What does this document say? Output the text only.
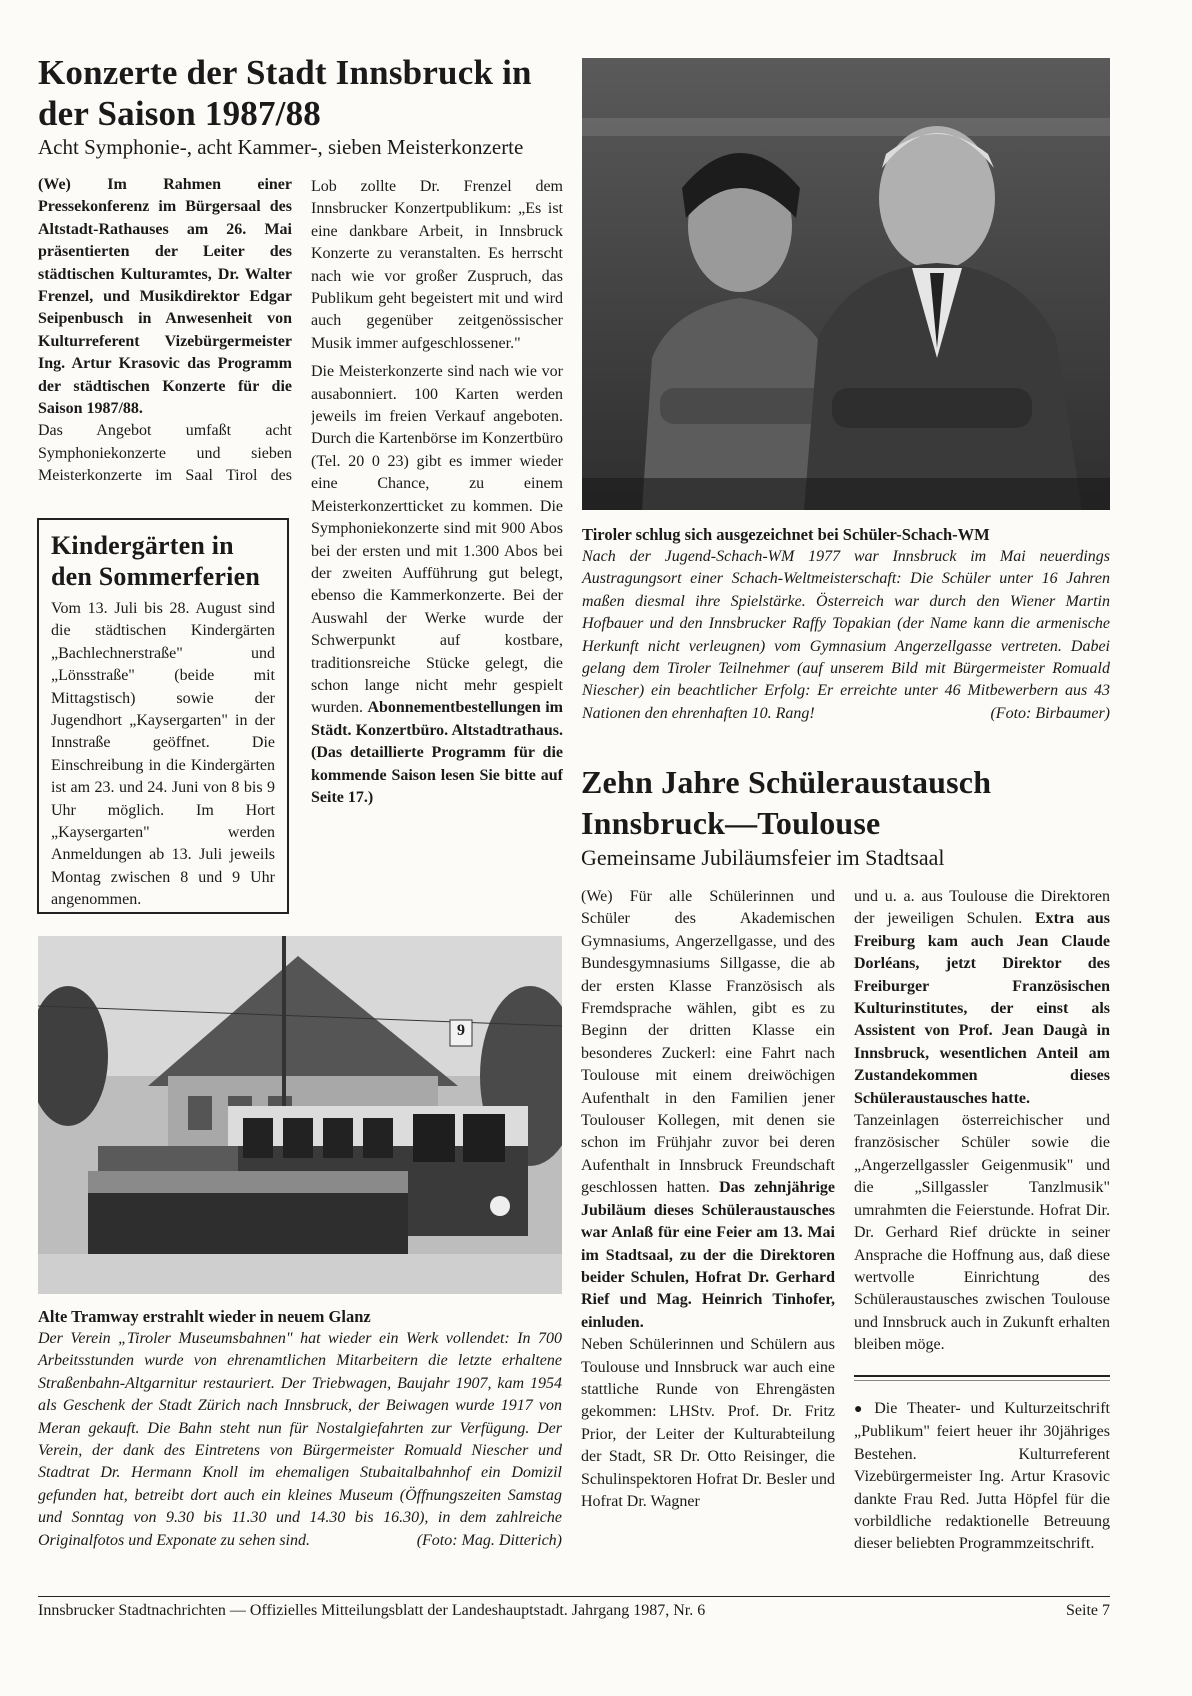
Konzerte der Stadt Innsbruck in der Saison 1987/88

Acht Symphonie-, acht Kammer-, sieben Meisterkonzerte

(We) Im Rahmen einer Pressekonferenz im Bürgersaal des Altstadt-Rathauses am 26. Mai präsentierten der Leiter des städtischen Kulturamtes, Dr. Walter Frenzel, und Musikdirektor Edgar Seipenbusch in Anwesenheit von Kulturreferent Vizebürgermeister Ing. Artur Krasovic das Programm der städtischen Konzerte für die Saison 1987/88.

Das Angebot umfaßt acht Symphoniekonzerte und sieben Meisterkonzerte im Saal Tirol des

Lob zollte Dr. Frenzel dem Innsbrucker Konzertpublikum: „Es ist eine dankbare Arbeit, in Innsbruck Konzerte zu veranstalten. Es herrscht nach wie vor großer Zuspruch, das Publikum geht begeistert mit und wird auch gegenüber zeitgenössischer Musik immer aufgeschlossener."

Die Meisterkonzerte sind nach wie vor ausabonniert. 100 Karten werden jeweils im freien Verkauf angeboten. Durch die Kartenbörse im Konzertbüro (Tel. 20 0 23) gibt es immer wieder eine Chance, zu einem Meisterkonzertticket zu kommen. Die Symphoniekonzerte sind mit 900 Abos bei der ersten und mit 1.300 Abos bei der zweiten Aufführung gut belegt, ebenso die Kammerkonzerte. Bei der Auswahl der Werke wurde der Schwerpunkt auf kostbare, traditionsreiche Stücke gelegt, die schon lange nicht mehr gespielt wurden. Abonnementbestellungen im Städt. Konzertbüro. Altstadtrathaus. (Das detaillierte Programm für die kommende Saison lesen Sie bitte auf Seite 17.)

Kindergärten in den Sommerferien

Vom 13. Juli bis 28. August sind die städtischen Kindergärten „Bachlechnerstraße" und „Lönsstraße" (beide mit Mittagstisch) sowie der Jugendhort „Kaysergarten" in der Innstraße geöffnet. Die Einschreibung in die Kindergärten ist am 23. und 24. Juni von 8 bis 9 Uhr möglich. Im Hort „Kaysergarten" werden Anmeldungen ab 13. Juli jeweils Montag zwischen 8 und 9 Uhr angenommen.

Tiroler schlug sich ausgezeichnet bei Schüler-Schach-WM

Nach der Jugend-Schach-WM 1977 war Innsbruck im Mai neuerdings Austragungsort einer Schach-Weltmeisterschaft: Die Schüler unter 16 Jahren maßen diesmal ihre Spielstärke. Österreich war durch den Wiener Martin Hofbauer und den Innsbrucker Raffy Topakian (der Name kann die armenische Herkunft nicht verleugnen) vom Gymnasium Angerzellgasse vertreten. Dabei gelang dem Tiroler Teilnehmer (auf unserem Bild mit Bürgermeister Romuald Niescher) ein beachtlicher Erfolg: Er erreichte unter 46 Mitbewerbern aus 43 Nationen den ehrenhaften 10. Rang!	(Foto: Birbaumer)

Zehn Jahre Schüleraustausch Innsbruck—Toulouse

Gemeinsame Jubiläumsfeier im Stadtsaal

(We) Für alle Schülerinnen und Schüler des Akademischen Gymnasiums, Angerzellgasse, und des Bundesgymnasiums Sillgasse, die ab der ersten Klasse Französisch als Fremdsprache wählen, gibt es zu Beginn der dritten Klasse ein besonderes Zuckerl: eine Fahrt nach Toulouse mit einem dreiwöchigen Aufenthalt in den Familien jener Toulouser Kollegen, mit denen sie schon im Frühjahr zuvor bei deren Aufenthalt in Innsbruck Freundschaft geschlossen hatten. Das zehnjährige Jubiläum dieses Schüleraustausches war Anlaß für eine Feier am 13. Mai im Stadtsaal, zu der die Direktoren beider Schulen, Hofrat Dr. Gerhard Rief und Mag. Heinrich Tinhofer, einluden.

Neben Schülerinnen und Schülern aus Toulouse und Innsbruck war auch eine stattliche Runde von Ehrengästen gekommen: LHStv. Prof. Dr. Fritz Prior, der Leiter der Kulturabteilung der Stadt, SR Dr. Otto Reisinger, die Schulinspektoren Hofrat Dr. Besler und Hofrat Dr. Wagner

und u. a. aus Toulouse die Direktoren der jeweiligen Schulen. Extra aus Freiburg kam auch Jean Claude Dorléans, jetzt Direktor des Freiburger Französischen Kulturinstitutes, der einst als Assistent von Prof. Jean Daugà in Innsbruck, wesentlichen Anteil am Zustandekommen dieses Schüleraustausches hatte.

Tanzeinlagen österreichischer und französischer Schüler sowie die „Angerzellgassler Geigenmusik" und die „Sillgassler Tanzlmusik" umrahmten die Feierstunde. Hofrat Dir. Dr. Gerhard Rief drückte in seiner Ansprache die Hoffnung aus, daß diese wertvolle Einrichtung des Schüleraustausches zwischen Toulouse und Innsbruck auch in Zukunft erhalten bleiben möge.

● Die Theater- und Kulturzeitschrift „Publikum" feiert heuer ihr 30jähriges Bestehen. Kulturreferent Vizebürgermeister Ing. Artur Krasovic dankte Frau Red. Jutta Höpfel für die vorbildliche redaktionelle Betreuung dieser beliebten Programmzeitschrift.
9

Alte Tramway erstrahlt wieder in neuem Glanz

Der Verein „Tiroler Museumsbahnen" hat wieder ein Werk vollendet: In 700 Arbeitsstunden wurde von ehrenamtlichen Mitarbeitern die letzte erhaltene Straßenbahn-Altgarnitur restauriert. Der Triebwagen, Baujahr 1907, kam 1954 als Geschenk der Stadt Zürich nach Innsbruck, der Beiwagen wurde 1917 von Meran gekauft. Die Bahn steht nun für Nostalgiefahrten zur Verfügung. Der Verein, der dank des Eintretens von Bürgermeister Romuald Niescher und Stadtrat Dr. Hermann Knoll im ehemaligen Stubaitalbahnhof ein Domizil gefunden hat, betreibt dort auch ein kleines Museum (Öffnungszeiten Samstag und Sonntag von 9.30 bis 11.30 und 14.30 bis 16.30), in dem zahlreiche Originalfotos und Exponate zu sehen sind.	(Foto: Mag. Ditterich)

Innsbrucker Stadtnachrichten — Offizielles Mitteilungsblatt der Landeshauptstadt. Jahrgang 1987, Nr. 6	Seite 7
